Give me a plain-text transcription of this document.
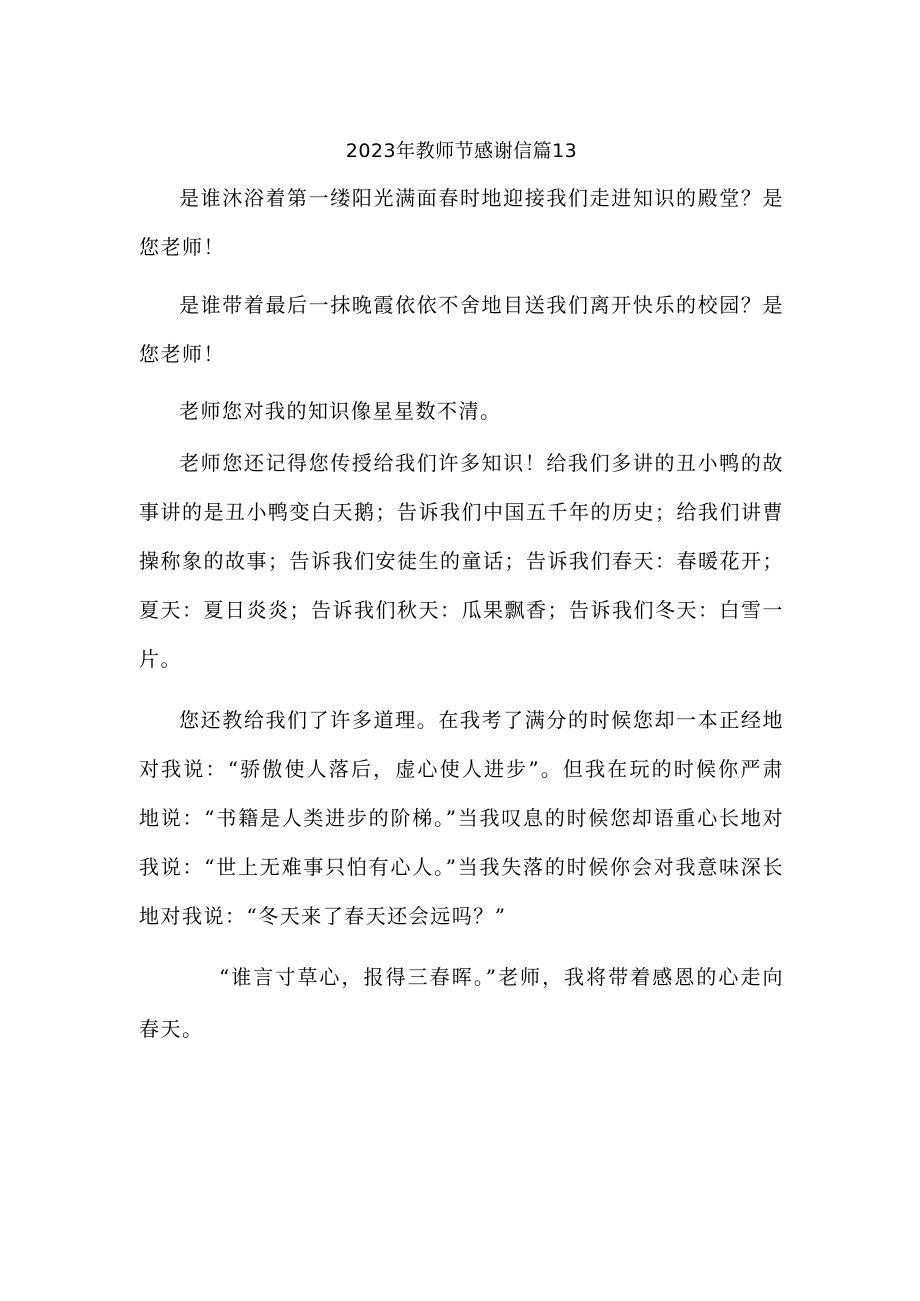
2023年教师节感谢信篇13

是谁沐浴着第一缕阳光满面春时地迎接我们走进知识的殿堂？是您老师！

是谁带着最后一抹晚霞依依不舍地目送我们离开快乐的校园？是您老师！

老师您对我的知识像星星数不清。

老师您还记得您传授给我们许多知识！给我们多讲的丑小鸭的故事讲的是丑小鸭变白天鹅；告诉我们中国五千年的历史；给我们讲曹操称象的故事；告诉我们安徒生的童话；告诉我们春天：春暖花开；夏天：夏日炎炎；告诉我们秋天：瓜果飘香；告诉我们冬天：白雪一片。

您还教给我们了许多道理。在我考了满分的时候您却一本正经地对我说：“骄傲使人落后，虚心使人进步”。但我在玩的时候你严肃地说：“书籍是人类进步的阶梯。”当我叹息的时候您却语重心长地对我说：“世上无难事只怕有心人。”当我失落的时候你会对我意味深长地对我说：“冬天来了春天还会远吗？”

“谁言寸草心，报得三春晖。”老师，我将带着感恩的心走向春天。
